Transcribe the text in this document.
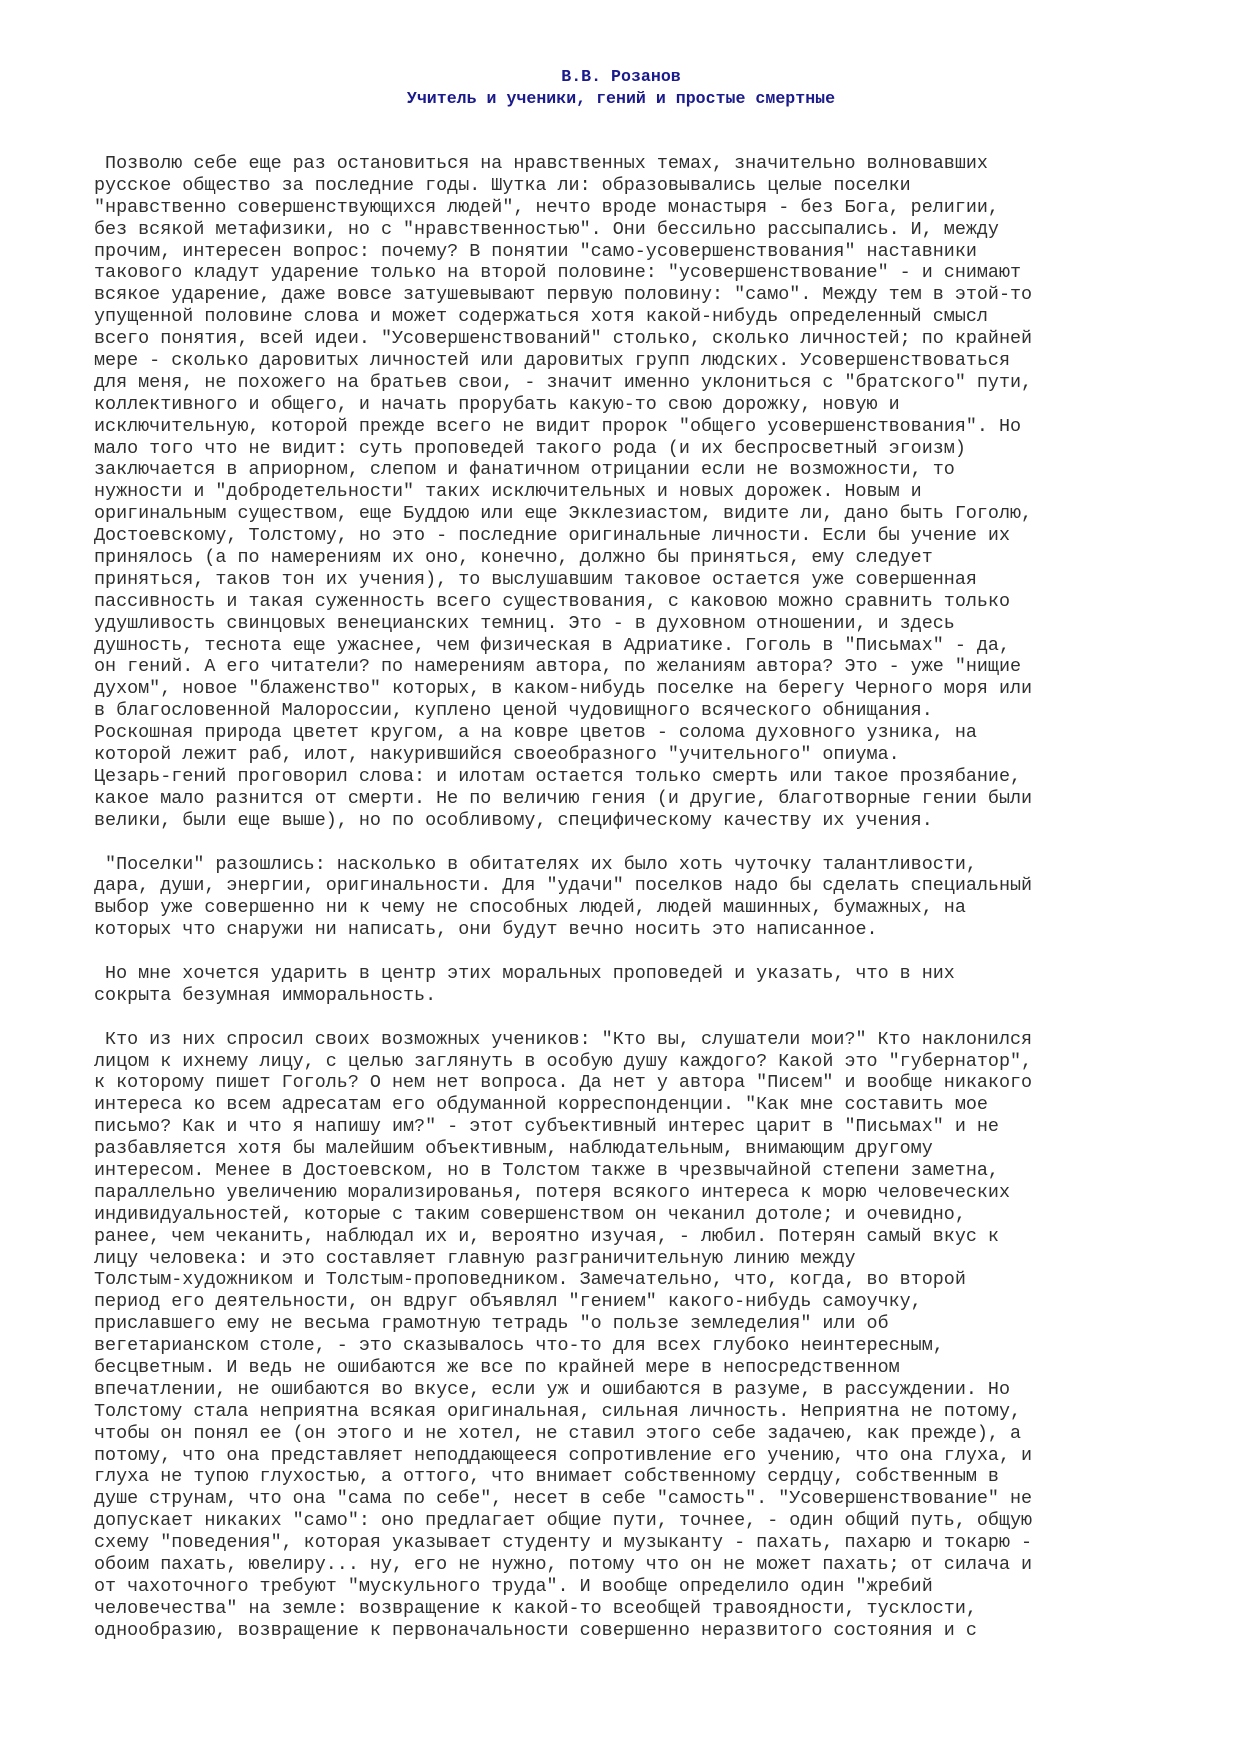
В.В. Розанов
Учитель и ученики, гений и простые смертные
Позволю себе еще раз остановиться на нравственных темах, значительно волновавших
русское общество за последние годы. Шутка ли: образовывались целые поселки
"нравственно совершенствующихся людей", нечто вроде монастыря - без Бога, религии,
без всякой метафизики, но с "нравственностью". Они бессильно рассыпались. И, между
прочим, интересен вопрос: почему? В понятии "само-усовершенствования" наставники
такового кладут ударение только на второй половине: "усовершенствование" - и снимают
всякое ударение, даже вовсе затушевывают первую половину: "само". Между тем в этой-то
упущенной половине слова и может содержаться хотя какой-нибудь определенный смысл
всего понятия, всей идеи. "Усовершенствований" столько, сколько личностей; по крайней
мере - сколько даровитых личностей или даровитых групп людских. Усовершенствоваться
для меня, не похожего на братьев свои, - значит именно уклониться с "братского" пути,
коллективного и общего, и начать прорубать какую-то свою дорожку, новую и
исключительную, которой прежде всего не видит пророк "общего усовершенствования". Но
мало того что не видит: суть проповедей такого рода (и их беспросветный эгоизм)
заключается в априорном, слепом и фанатичном отрицании если не возможности, то
нужности и "добродетельности" таких исключительных и новых дорожек. Новым и
оригинальным существом, еще Буддою или еще Экклезиастом, видите ли, дано быть Гоголю,
Достоевскому, Толстому, но это - последние оригинальные личности. Если бы учение их
принялось (а по намерениям их оно, конечно, должно бы приняться, ему следует
приняться, таков тон их учения), то выслушавшим таковое остается уже совершенная
пассивность и такая суженность всего существования, с каковою можно сравнить только
удушливость свинцовых венецианских темниц. Это - в духовном отношении, и здесь
душность, теснота еще ужаснее, чем физическая в Адриатике. Гоголь в "Письмах" - да,
он гений. А его читатели? по намерениям автора, по желаниям автора? Это - уже "нищие
духом", новое "блаженство" которых, в каком-нибудь поселке на берегу Черного моря или
в благословенной Малороссии, куплено ценой чудовищного всяческого обнищания.
Роскошная природа цветет кругом, а на ковре цветов - солома духовного узника, на
которой лежит раб, илот, накурившийся своеобразного "учительного" опиума.
Цезарь-гений проговорил слова: и илотам остается только смерть или такое прозябание,
какое мало разнится от смерти. Не по величию гения (и другие, благотворные гении были
велики, были еще выше), но по особливому, специфическому качеству их учения.
"Поселки" разошлись: насколько в обитателях их было хоть чуточку талантливости,
дара, души, энергии, оригинальности. Для "удачи" поселков надо бы сделать специальный
выбор уже совершенно ни к чему не способных людей, людей машинных, бумажных, на
которых что снаружи ни написать, они будут вечно носить это написанное.
Но мне хочется ударить в центр этих моральных проповедей и указать, что в них
сокрыта безумная имморальность.
Кто из них спросил своих возможных учеников: "Кто вы, слушатели мои?" Кто наклонился
лицом к ихнему лицу, с целью заглянуть в особую душу каждого? Какой это "губернатор",
к которому пишет Гоголь? О нем нет вопроса. Да нет у автора "Писем" и вообще никакого
интереса ко всем адресатам его обдуманной корреспонденции. "Как мне составить мое
письмо? Как и что я напишу им?" - этот субъективный интерес царит в "Письмах" и не
разбавляется хотя бы малейшим объективным, наблюдательным, внимающим другому
интересом. Менее в Достоевском, но в Толстом также в чрезвычайной степени заметна,
параллельно увеличению морализированья, потеря всякого интереса к морю человеческих
индивидуальностей, которые с таким совершенством он чеканил дотоле; и очевидно,
ранее, чем чеканить, наблюдал их и, вероятно изучая, - любил. Потерян самый вкус к
лицу человека: и это составляет главную разграничительную линию между
Толстым-художником и Толстым-проповедником. Замечательно, что, когда, во второй
период его деятельности, он вдруг объявлял "гением" какого-нибудь самоучку,
приславшего ему не весьма грамотную тетрадь "о пользе земледелия" или об
вегетарианском столе, - это сказывалось что-то для всех глубоко неинтересным,
бесцветным. И ведь не ошибаются же все по крайней мере в непосредственном
впечатлении, не ошибаются во вкусе, если уж и ошибаются в разуме, в рассуждении. Но
Толстому стала неприятна всякая оригинальная, сильная личность. Неприятна не потому,
чтобы он понял ее (он этого и не хотел, не ставил этого себе задачею, как прежде), а
потому, что она представляет неподдающееся сопротивление его учению, что она глуха, и
глуха не тупою глухостью, а оттого, что внимает собственному сердцу, собственным в
душе струнам, что она "сама по себе", несет в себе "самость". "Усовершенствование" не
допускает никаких "само": оно предлагает общие пути, точнее, - один общий путь, общую
схему "поведения", которая указывает студенту и музыканту - пахать, пахарю и токарю -
обоим пахать, ювелиру... ну, его не нужно, потому что он не может пахать; от силача и
от чахоточного требуют "мускульного труда". И вообще определило один "жребий
человечества" на земле: возвращение к какой-то всеобщей травоядности, тусклости,
однообразию, возвращение к первоначальности совершенно неразвитого состояния и с
